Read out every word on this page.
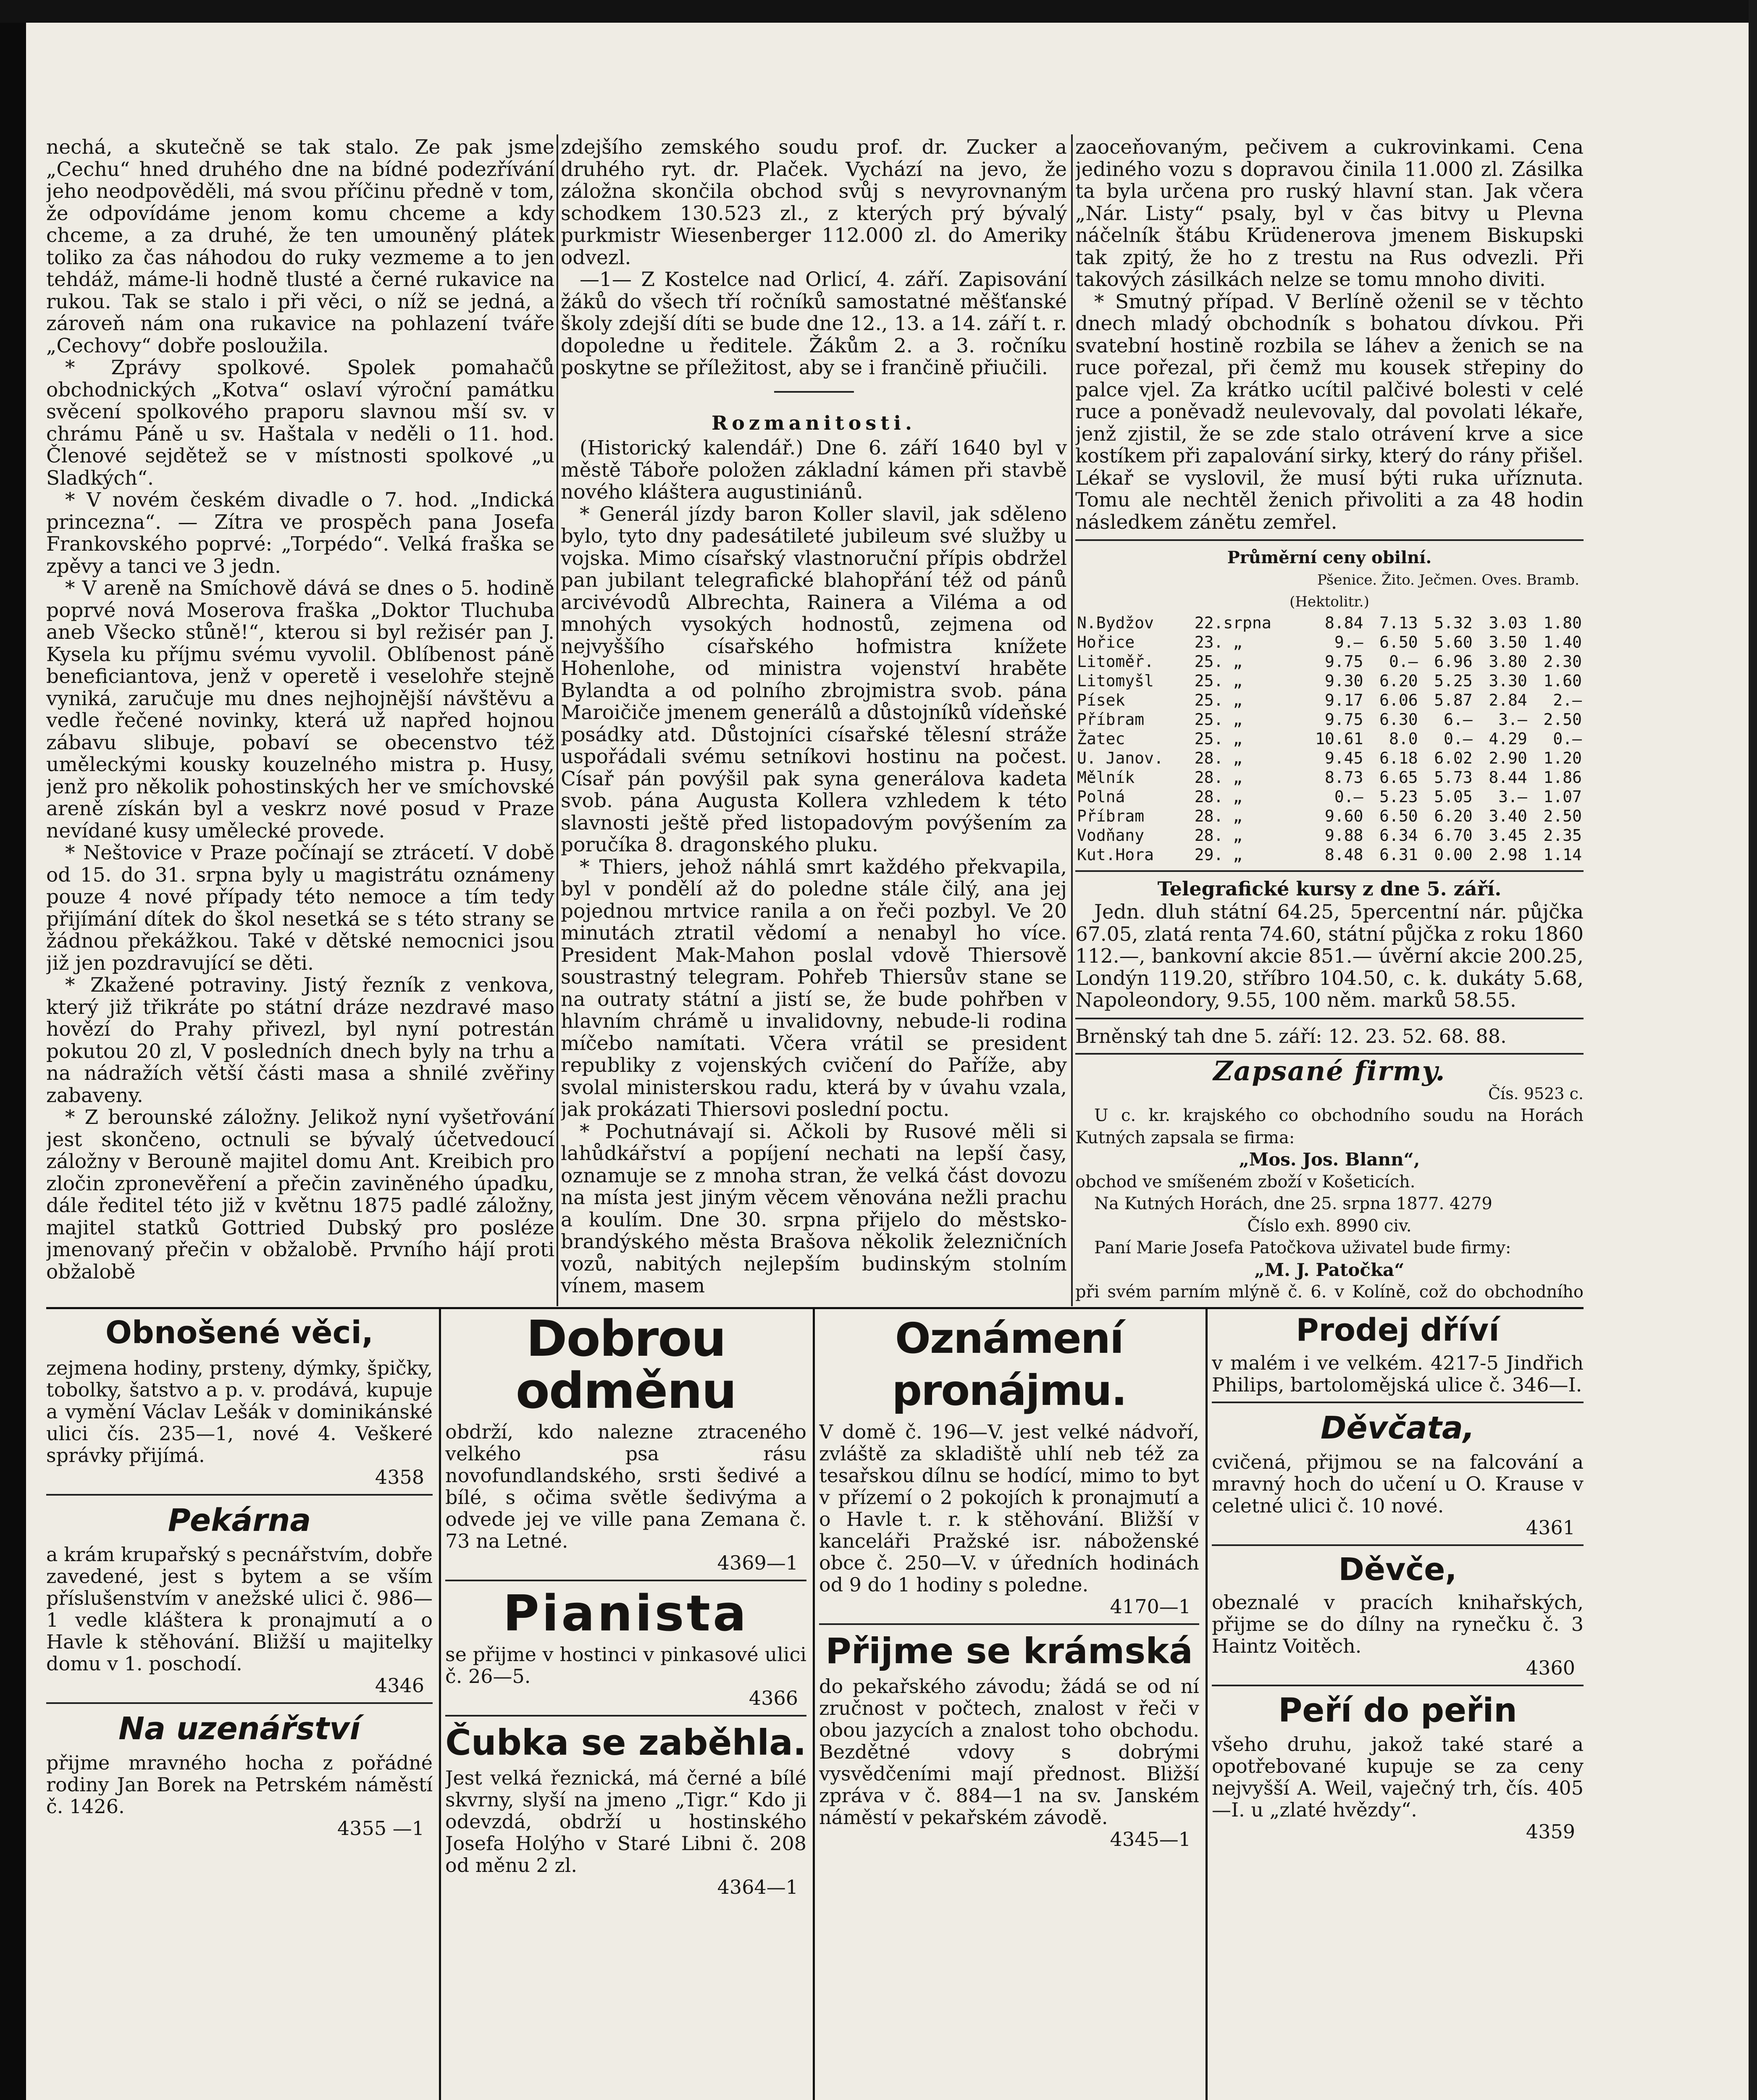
nechá, a skutečně se tak stalo. Ze pak jsme „Cechu“ hned druhého dne na bídné podezřívání jeho neodpověděli, má svou příčinu předně v tom, že odpovídáme jenom komu chceme a kdy chceme, a za druhé, že ten umouněný plátek toliko za čas náhodou do ruky vezmeme a to jen tehdáž, máme-li hodně tlusté a černé rukavice na rukou. Tak se stalo i při věci, o níž se jedná, a zároveň nám ona rukavice na pohlazení tváře „Cechovy“ dobře posloužila.

* Zprávy spolkové. Spolek pomahačů obchodnických „Kotva“ oslaví výroční památku svěcení spolkového praporu slavnou mší sv. v chrámu Páně u sv. Haštala v neděli o 11. hod. Členové sejdětež se v místnosti spolkové „u Sladkých“.

* V novém českém divadle o 7. hod. „Indická princezna“. — Zítra ve prospěch pana Josefa Frankovského poprvé: „Torpédo“. Velká fraška se zpěvy a tanci ve 3 jedn.

* V areně na Smíchově dává se dnes o 5. hodině poprvé nová Moserova fraška „Doktor Tluchuba aneb Všecko stůně!“, kterou si byl režisér pan J. Kysela ku příjmu svému vyvolil. Oblíbenost páně beneficiantova, jenž v operetě i veselohře stejně vyniká, zaručuje mu dnes nejhojnější návštěvu a vedle řečené novinky, která už napřed hojnou zábavu slibuje, pobaví se obecenstvo též uměleckými kousky kouzelného mistra p. Husy, jenž pro několik pohostinských her ve smíchovské areně získán byl a veskrz nové posud v Praze nevídané kusy umělecké provede.

* Neštovice v Praze počínají se ztrácetí. V době od 15. do 31. srpna byly u magistrátu oznámeny pouze 4 nové případy této nemoce a tím tedy přijímání dítek do škol nesetká se s této strany se žádnou překážkou. Také v dětské nemocnici jsou již jen pozdravující se děti.

* Zkažené potraviny. Jistý řezník z venkova, který již třikráte po státní dráze nezdravé maso hovězí do Prahy přivezl, byl nyní potrestán pokutou 20 zl, V posledních dnech byly na trhu a na nádražích větší části masa a shnilé zvěřiny zabaveny.

* Z berounské záložny. Jelikož nyní vyšetřování jest skončeno, octnuli se bývalý účetvedoucí záložny v Berouně majitel domu Ant. Kreibich pro zločin zpronevěření a přečin zaviněného úpadku, dále ředitel této již v květnu 1875 padlé záložny, majitel statků Gottried Dubský pro posléze jmenovaný přečin v obžalobě. Prvního hájí proti obžalobě

zdejšího zemského soudu prof. dr. Zucker a druhého ryt. dr. Plaček. Vychází na jevo, že záložna skončila obchod svůj s nevyrovnaným schodkem 130.523 zl., z kterých prý bývalý purkmistr Wiesenberger 112.000 zl. do Ameriky odvezl.

—1— Z Kostelce nad Orlicí, 4. září. Zapisování žáků do všech tří ročníků samostatné měšťanské školy zdejší díti se bude dne 12., 13. a 14. září t. r. dopoledne u ředitele. Žákům 2. a 3. ročníku poskytne se příležitost, aby se i frančině přiučili.

Rozmanitosti.

(Historický kalendář.) Dne 6. září 1640 byl v městě Táboře položen základní kámen při stavbě nového kláštera augustiniánů.

* Generál jízdy baron Koller slavil, jak sděleno bylo, tyto dny padesátileté jubileum své služby u vojska. Mimo císařský vlastnoruční přípis obdržel pan jubilant telegrafické blahopřání též od pánů arcivévodů Albrechta, Rainera a Viléma a od mnohých vysokých hodnostů, zejmena od nejvyššího císařského hofmistra knížete Hohenlohe, od ministra vojenství hraběte Bylandta a od polního zbrojmistra svob. pána Maroičiče jmenem generálů a důstojníků vídeňské posádky atd. Důstojníci císařské tělesní stráže uspořádali svému setníkovi hostinu na počest. Císař pán povýšil pak syna generálova kadeta svob. pána Augusta Kollera vzhledem k této slavnosti ještě před listopadovým povýšením za poručíka 8. dragonského pluku.

* Thiers, jehož náhlá smrt každého překvapila, byl v pondělí až do poledne stále čilý, ana jej pojednou mrtvice ranila a on řeči pozbyl. Ve 20 minutách ztratil vědomí a nenabyl ho více. President Mak-Mahon poslal vdově Thiersově soustrastný telegram. Pohřeb Thiersův stane se na outraty státní a jistí se, že bude pohřben v hlavním chrámě u invalidovny, nebude-li rodina míčebo namítati. Včera vrátil se president republiky z vojenských cvičení do Paříže, aby svolal ministerskou radu, která by v úvahu vzala, jak prokázati Thiersovi poslední poctu.

* Pochutnávají si. Ačkoli by Rusové měli si lahůdkářství a popíjení nechati na lepší časy, oznamuje se z mnoha stran, že velká část dovozu na místa jest jiným věcem věnována nežli prachu a koulím. Dne 30. srpna přijelo do městsko-brandýského města Brašova několik železničních vozů, nabitých nejlepším budinským stolním vínem, masem

zaoceňovaným, pečivem a cukrovinkami. Cena jediného vozu s dopravou činila 11.000 zl. Zásilka ta byla určena pro ruský hlavní stan. Jak včera „Nár. Listy“ psaly, byl v čas bitvy u Plevna náčelník štábu Krüdenerova jmenem Biskupski tak zpitý, že ho z trestu na Rus odvezli. Při takových zásilkách nelze se tomu mnoho diviti.

* Smutný případ. V Berlíně oženil se v těchto dnech mladý obchodník s bohatou dívkou. Při svatební hostině rozbila se láhev a ženich se na ruce pořezal, při čemž mu kousek střepiny do palce vjel. Za krátko ucítil palčivé bolesti v celé ruce a poněvadž neulevovaly, dal povolati lékaře, jenž zjistil, že se zde stalo otrávení krve a sice kostíkem při zapalování sirky, který do rány přišel. Lékař se vyslovil, že musí býti ruka uříznuta. Tomu ale nechtěl ženich přivoliti a za 48 hodin následkem zánětu zemřel.

Průměrní ceny obilní.
Pšenice. Žito. Ječmen. Oves. Bramb.
(Hektolitr.)
N.Bydžov	22.srpna	8.84	7.13	5.32	3.03	1.80
Hořice	23. „	9.—	6.50	5.60	3.50	1.40
Litoměř.	25. „	9.75	0.—	6.96	3.80	2.30
Litomyšl	25. „	9.30	6.20	5.25	3.30	1.60
Písek	25. „	9.17	6.06	5.87	2.84	2.—
Příbram	25. „	9.75	6.30	6.—	3.—	2.50
Žatec	25. „	10.61	8.0	0.—	4.29	0.—
U. Janov.	28. „	9.45	6.18	6.02	2.90	1.20
Mělník	28. „	8.73	6.65	5.73	8.44	1.86
Polná	28. „	0.—	5.23	5.05	3.—	1.07
Příbram	28. „	9.60	6.50	6.20	3.40	2.50
Vodňany	28. „	9.88	6.34	6.70	3.45	2.35
Kut.Hora	29. „	8.48	6.31	0.00	2.98	1.14
Telegrafické kursy z dne 5. září.

Jedn. dluh státní 64.25, 5percentní nár. půjčka 67.05, zlatá renta 74.60, státní půjčka z roku 1860 112.—, bankovní akcie 851.— úvěrní akcie 200.25, Londýn 119.20, stříbro 104.50, c. k. dukáty 5.68, Napoleondory, 9.55, 100 něm. marků 58.55.

Brněnský tah dne 5. září: 12. 23. 52. 68. 88.

Zapsané firmy.

Čís. 9523 c.

U c. kr. krajského co obchodního soudu na Horách Kutných zapsala se firma:

„Mos. Jos. Blann“,

obchod ve smíšeném zboží v Košeticích.

Na Kutných Horách, dne 25. srpna 1877. 4279

Číslo exh. 8990 civ.

Paní Marie Josefa Patočkova uživatel bude firmy:

„M. J. Patočka“

při svém parním mlýně č. 6. v Kolíně, což do obchodního

Obnošené věci,

zejmena hodiny, prsteny, dýmky, špičky, tobolky, šatstvo a p. v. prodává, kupuje a vymění Václav Lešák v dominikánské ulici čís. 235—1, nové 4. Veškeré správky přijímá.

4358

Pekárna

a krám krupařský s pecnářstvím, dobře zavedené, jest s bytem a se vším příslušenstvím v anežské ulici č. 986—1 vedle kláštera k pronajmutí a o Havle k stěhování. Bližší u majitelky domu v 1. poschodí.

4346

Na uzenářství

přijme mravného hocha z pořádné rodiny Jan Borek na Petrském náměstí č. 1426.

4355 —1

Dobrou odměnu

obdrží, kdo nalezne ztraceného velkého psa rásu novofundlandského, srsti šedivé a bílé, s očima světle šedivýma a odvede jej ve ville pana Zemana č. 73 na Letné.

4369—1

Pianista

se přijme v hostinci v pinkasové ulici č. 26—5.

4366

Čubka se zaběhla.

Jest velká řeznická, má černé a bílé skvrny, slyší na jmeno „Tigr.“ Kdo ji odevzdá, obdrží u hostinského Josefa Holýho v Staré Libni č. 208 od měnu 2 zl.

4364—1

Oznámení pronájmu.

V domě č. 196—V. jest velké nádvoří, zvláště za skladiště uhlí neb též za tesařskou dílnu se hodící, mimo to byt v přízemí o 2 pokojích k pronajmutí a o Havle t. r. k stěhování. Bližší v kanceláři Pražské isr. náboženské obce č. 250—V. v úředních hodinách od 9 do 1 hodiny s poledne.

4170—1

Přijme se krámská

do pekařského závodu; žádá se od ní zručnost v počtech, znalost v řeči v obou jazycích a znalost toho obchodu. Bezdětné vdovy s dobrými vysvědčeními mají přednost. Bližší zpráva v č. 884—1 na sv. Janském náměstí v pekařském závodě.

4345—1

Prodej dříví

v malém i ve velkém. 4217-5 Jindřich Philips, bartolomějská ulice č. 346—I.

Děvčata,

cvičená, přijmou se na falcování a mravný hoch do učení u O. Krause v celetné ulici č. 10 nové.

4361

Děvče,

obeznalé v pracích knihařských, přijme se do dílny na rynečku č. 3 Haintz Voitěch.

4360

Peří do peřin

všeho druhu, jakož také staré a opotřebované kupuje se za ceny nejvyšší A. Weil, vaječný trh, čís. 405—I. u „zlaté hvězdy“.

4359
